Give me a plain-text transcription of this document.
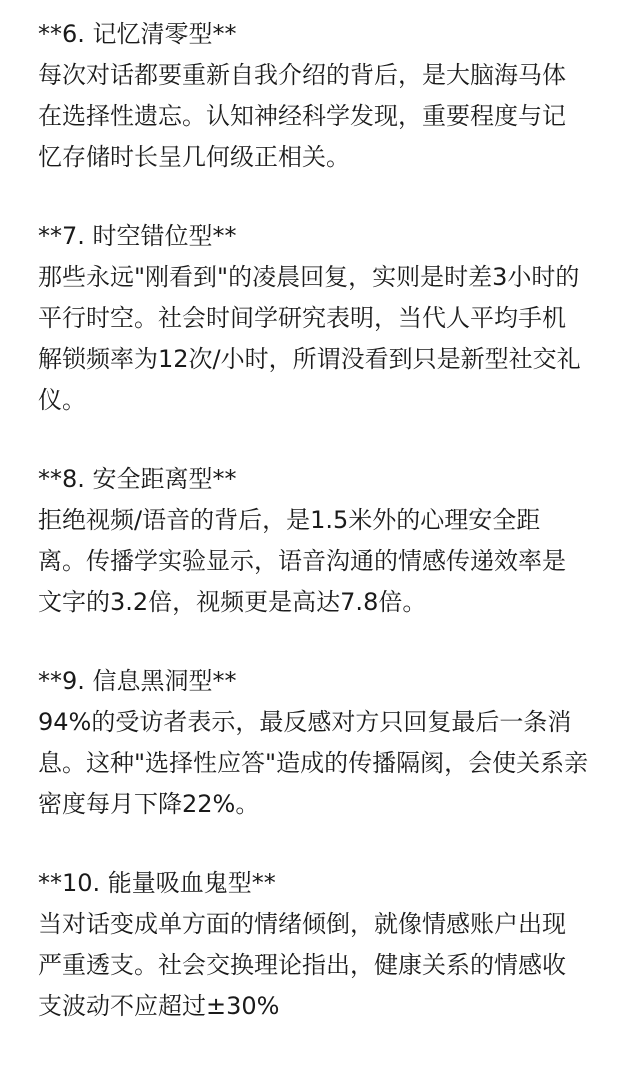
**6. 记忆清零型**

每次对话都要重新自我介绍的背后，是大脑海马体
在选择性遗忘。认知神经科学发现，重要程度与记
忆存储时长呈几何级正相关。

**7. 时空错位型**

那些永远"刚看到"的凌晨回复，实则是时差3小时的
平行时空。社会时间学研究表明，当代人平均手机
解锁频率为12次/小时，所谓没看到只是新型社交礼
仪。

**8. 安全距离型**

拒绝视频/语音的背后，是1.5米外的心理安全距
离。传播学实验显示，语音沟通的情感传递效率是
文字的3.2倍，视频更是高达7.8倍。

**9. 信息黑洞型**

94%的受访者表示，最反感对方只回复最后一条消
息。这种"选择性应答"造成的传播隔阂，会使关系亲
密度每月下降22%。

**10. 能量吸血鬼型**

当对话变成单方面的情绪倾倒，就像情感账户出现
严重透支。社会交换理论指出，健康关系的情感收
支波动不应超过±30%
